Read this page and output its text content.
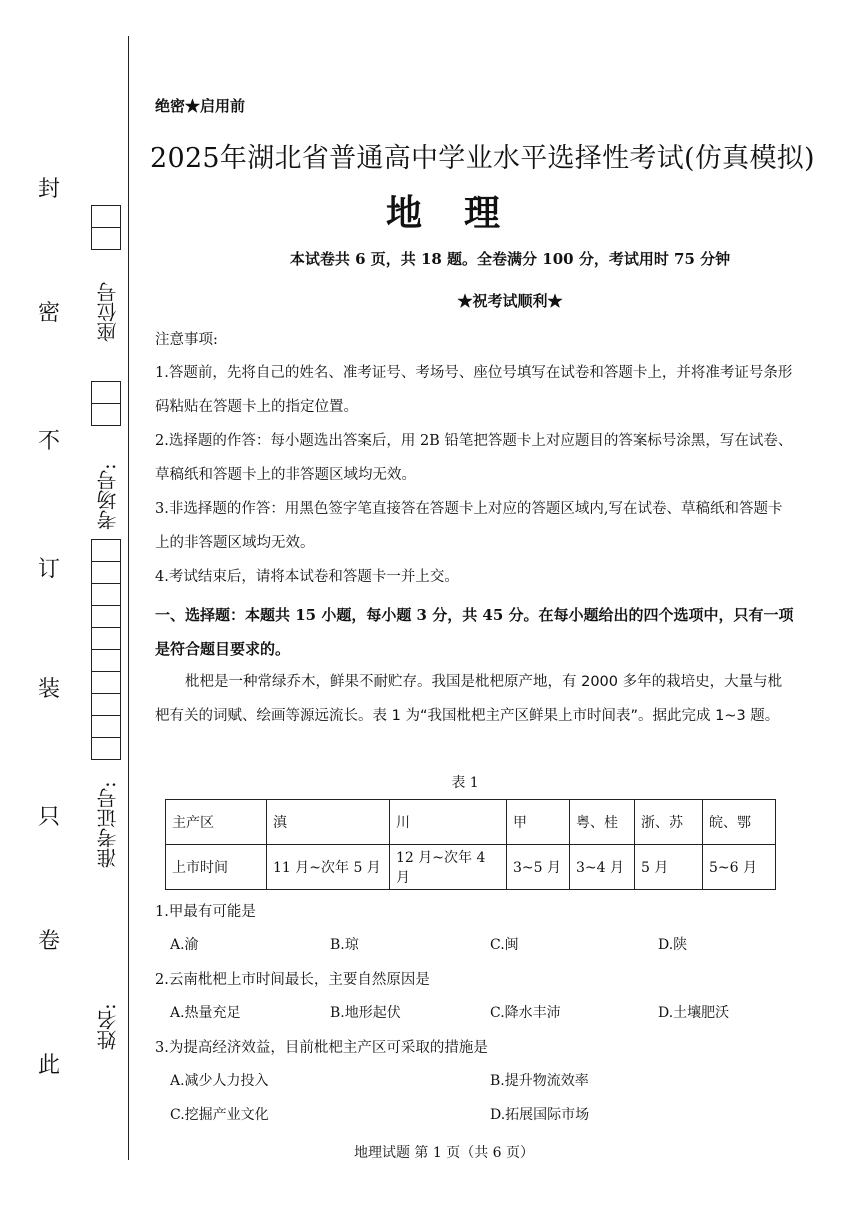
封
密
不
订
装
只
卷
此
座位号
考场号:
准考证号:
姓名:
绝密★启用前
2025年湖北省普通高中学业水平选择性考试(仿真模拟)
地理
本试卷共 6 页，共 18 题。全卷满分 100 分，考试用时 75 分钟
★祝考试顺利★
注意事项:
1.答题前，先将自己的姓名、准考证号、考场号、座位号填写在试卷和答题卡上，并将准考证号条形码粘贴在答题卡上的指定位置。
2.选择题的作答：每小题选出答案后，用 2B 铅笔把答题卡上对应题目的答案标号涂黑，写在试卷、草稿纸和答题卡上的非答题区域均无效。
3.非选择题的作答：用黑色签字笔直接答在答题卡上对应的答题区域内,写在试卷、草稿纸和答题卡上的非答题区域均无效。
4.考试结束后，请将本试卷和答题卡一并上交。
一、选择题：本题共 15 小题，每小题 3 分，共 45 分。在每小题给出的四个选项中，只有一项是符合题目要求的。
枇杷是一种常绿乔木，鲜果不耐贮存。我国是枇杷原产地，有 2000 多年的栽培史，大量与枇杷有关的词赋、绘画等源远流长。表 1 为“我国枇杷主产区鲜果上市时间表”。据此完成 1~3 题。
表 1
主产区	滇	川	甲	粤、桂	浙、苏	皖、鄂
上市时间	11 月~次年 5 月	12 月~次年 4 月	3~5 月	3~4 月	5 月	5~6 月
1.甲最有可能是
A.渝	B.琼	C.闽	D.陕
2.云南枇杷上市时间最长，主要自然原因是
A.热量充足	B.地形起伏	C.降水丰沛	D.土壤肥沃
3.为提高经济效益，目前枇杷主产区可采取的措施是
A.减少人力投入	B.提升物流效率
C.挖掘产业文化	D.拓展国际市场
地理试题 第 1 页（共 6 页）
